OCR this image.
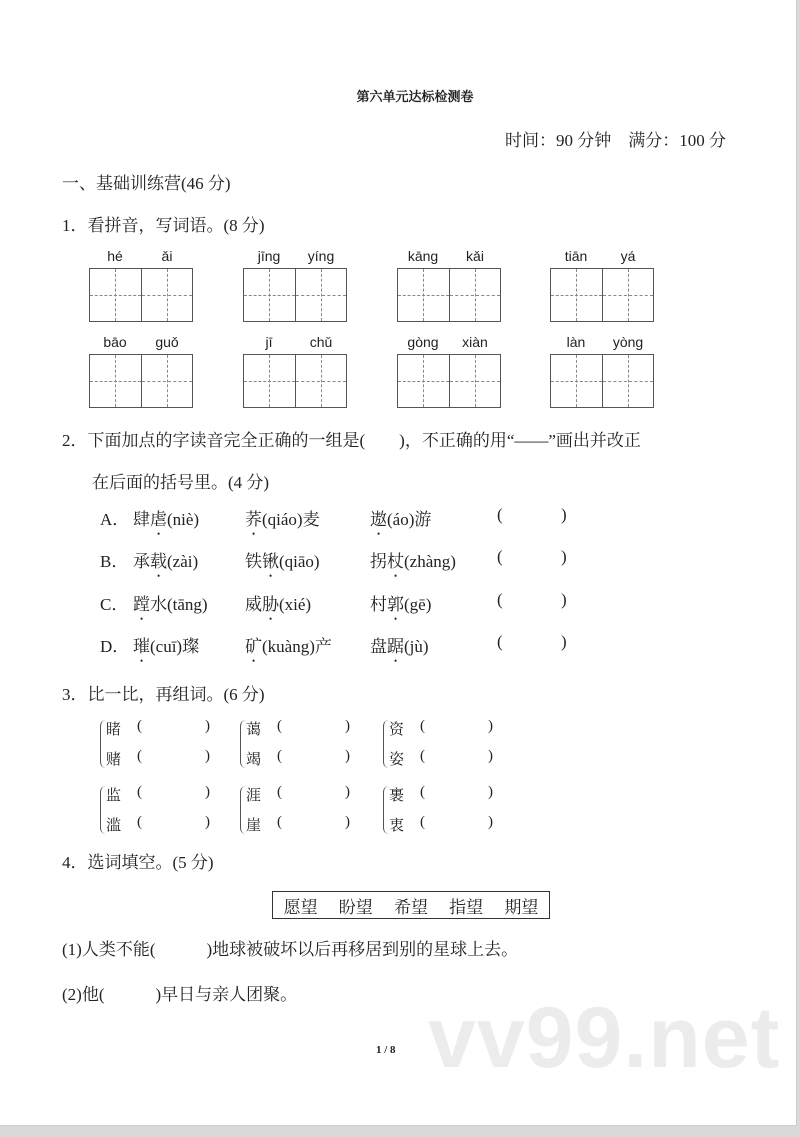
第六单元达标检测卷
时间：90 分钟　满分：100 分
一、基础训练营(46 分)
1．看拼音，写词语。(8 分)
hé	ǎi	jīng	yíng	kāng	kǎi	tiān	yá
bāo	guǒ	jī	chǔ	gòng	xiàn	làn	yòng
2．下面加点的字读音完全正确的一组是(　　)，不正确的用“——”画出并改正
在后面的括号里。(4 分)
A． 肆虐(niè)	荞(qiáo)麦	遨(áo)游	(	)
B． 承载(zài)	铁锹(qiāo)	拐杖(zhàng) (	)
C． 蹚水(tāng) 威胁(xié)	村郭(gē)	(	)
D． 璀(cuī)璨	矿(kuàng)产 盘踞(jù)	(	)
3．比一比，再组词。(6 分)
睹 (	)
赌 (	)
蔼 (	)
竭 (	)
资 (	)
姿 (	)
监 (	)
滥 (	)
涯 (	)
崖 (	)
裹 (	)
衷 (	)
4．选词填空。(5 分)
愿望 盼望 希望 指望 期望
(1)人类不能(　　　)地球被破坏以后再移居到别的星球上去。
(2)他(　　　)早日与亲人团聚。 vv99.net
1 / 8
